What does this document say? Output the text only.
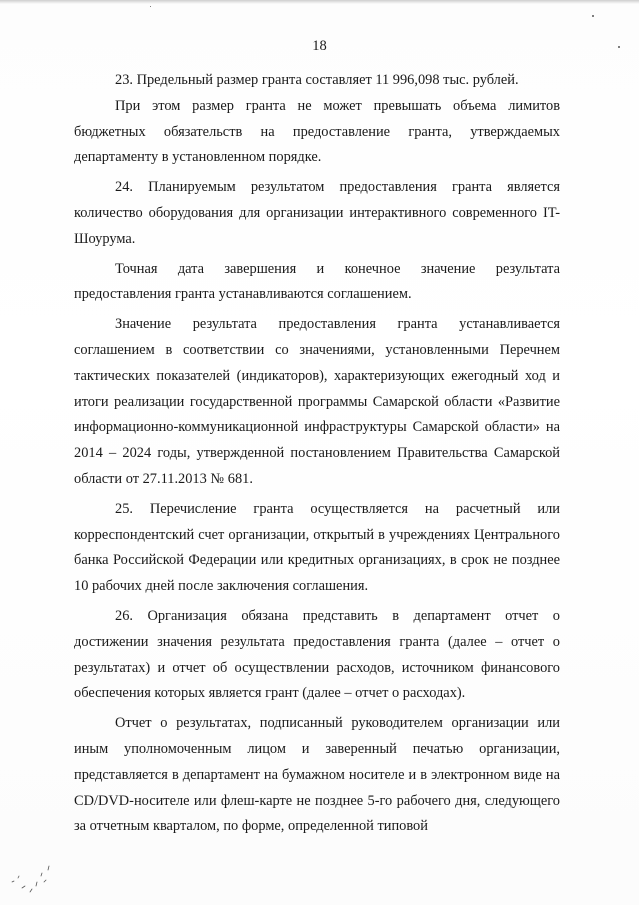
18

23. Предельный размер гранта составляет 11 996,098 тыс. рублей.

При этом размер гранта не может превышать объема лимитов бюджетных обязательств на предоставление гранта, утверждаемых департаменту в установленном порядке.

24. Планируемым результатом предоставления гранта является количество оборудования для организации интерактивного современного IT-Шоурума.

Точная дата завершения и конечное значение результата предоставления гранта устанавливаются соглашением.

Значение результата предоставления гранта устанавливается соглашением в соответствии со значениями, установленными Перечнем тактических показателей (индикаторов), характеризующих ежегодный ход и итоги реализации государственной программы Самарской области «Развитие информационно-коммуникационной инфраструктуры Самарской области» на 2014 – 2024 годы, утвержденной постановлением Правительства Самарской области от 27.11.2013 № 681.

25. Перечисление гранта осуществляется на расчетный или корреспондентский счет организации, открытый в учреждениях Центрального банка Российской Федерации или кредитных организациях, в срок не позднее 10 рабочих дней после заключения соглашения.

26. Организация обязана представить в департамент отчет о достижении значения результата предоставления гранта (далее – отчет о результатах) и отчет об осуществлении расходов, источником финансового обеспечения которых является грант (далее – отчет о расходах).

Отчет о результатах, подписанный руководителем организации или иным уполномоченным лицом и заверенный печатью организации, представляется в департамент на бумажном носителе и в электронном виде на CD/DVD-носителе или флеш-карте не позднее 5-го рабочего дня, следующего за отчетным кварталом, по форме, определенной типовой
